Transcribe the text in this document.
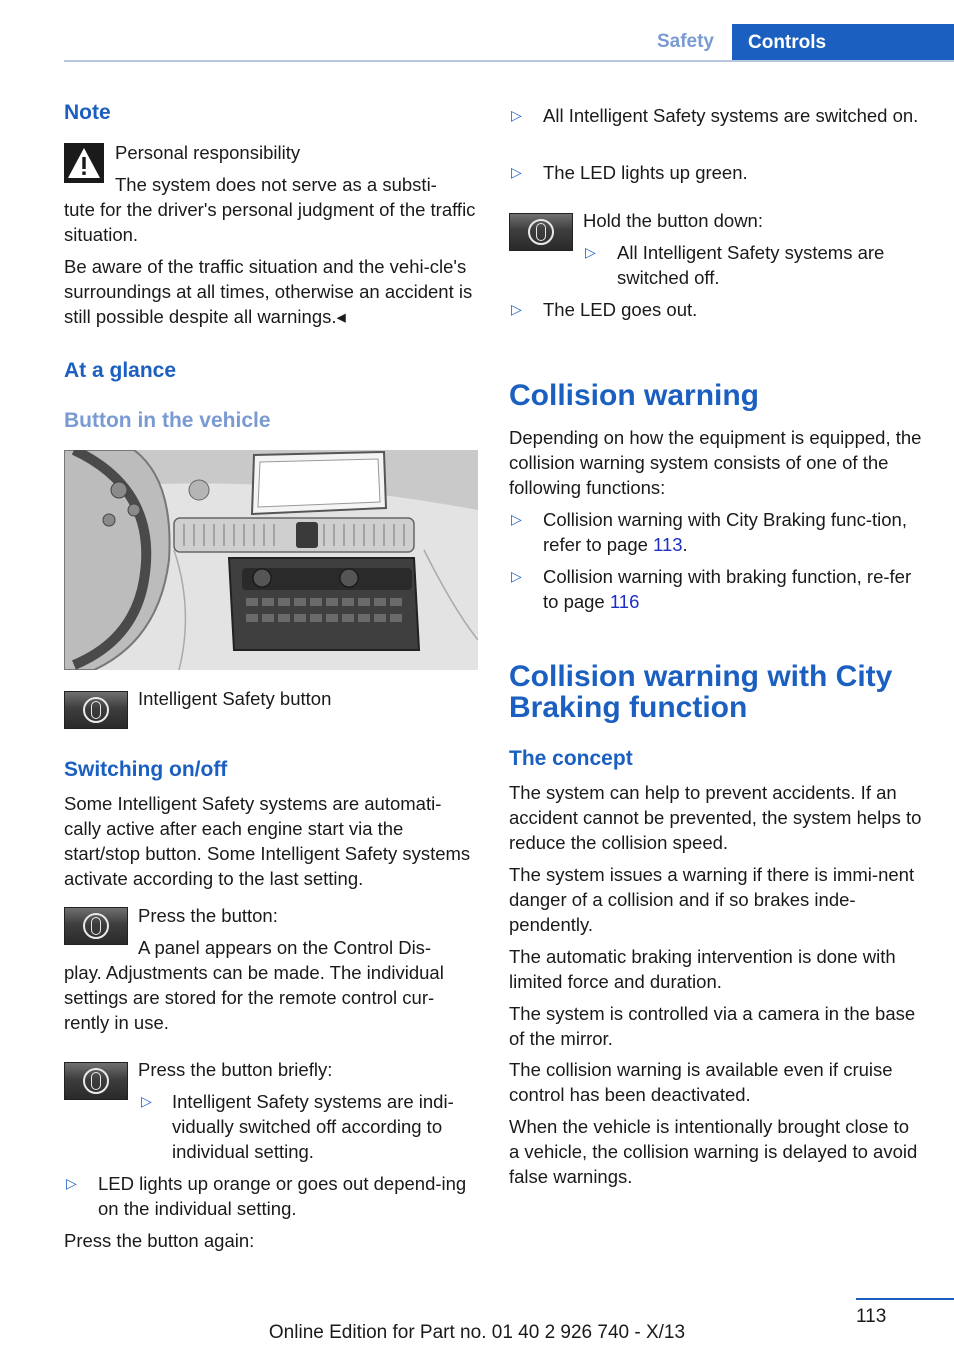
Safety	Controls
Note
Personal responsibility
The system does not serve as a substi-
tute for the driver's personal judgment of the traffic situation.
Be aware of the traffic situation and the vehi-cle's surroundings at all times, otherwise an accident is still possible despite all warnings.◂
At a glance
Button in the vehicle
Intelligent Safety button
Switching on/off
Some Intelligent Safety systems are automati-cally active after each engine start via the start/stop button. Some Intelligent Safety systems activate according to the last setting.
Press the button:
A panel appears on the Control Dis-
play. Adjustments can be made. The individual settings are stored for the remote control cur-rently in use.
Press the button briefly:
▷ Intelligent Safety systems are indi-vidually switched off according to individual setting.
▷ LED lights up orange or goes out depend-ing on the individual setting.
Press the button again:
▷ All Intelligent Safety systems are switched on.
▷ The LED lights up green.
Hold the button down:
▷ All Intelligent Safety systems are switched off.
▷ The LED goes out.
Collision warning
Depending on how the equipment is equipped, the collision warning system consists of one of the following functions:
▷ Collision warning with City Braking func-tion, refer to page 113.
▷ Collision warning with braking function, re-fer to page 116
Collision warning with City
Braking function
The concept
The system can help to prevent accidents. If an accident cannot be prevented, the system helps to reduce the collision speed.
The system issues a warning if there is immi-nent danger of a collision and if so brakes inde-pendently.
The automatic braking intervention is done with limited force and duration.
The system is controlled via a camera in the base of the mirror.
The collision warning is available even if cruise control has been deactivated.
When the vehicle is intentionally brought close to a vehicle, the collision warning is delayed to avoid false warnings.
113
Online Edition for Part no. 01 40 2 926 740 - X/13
